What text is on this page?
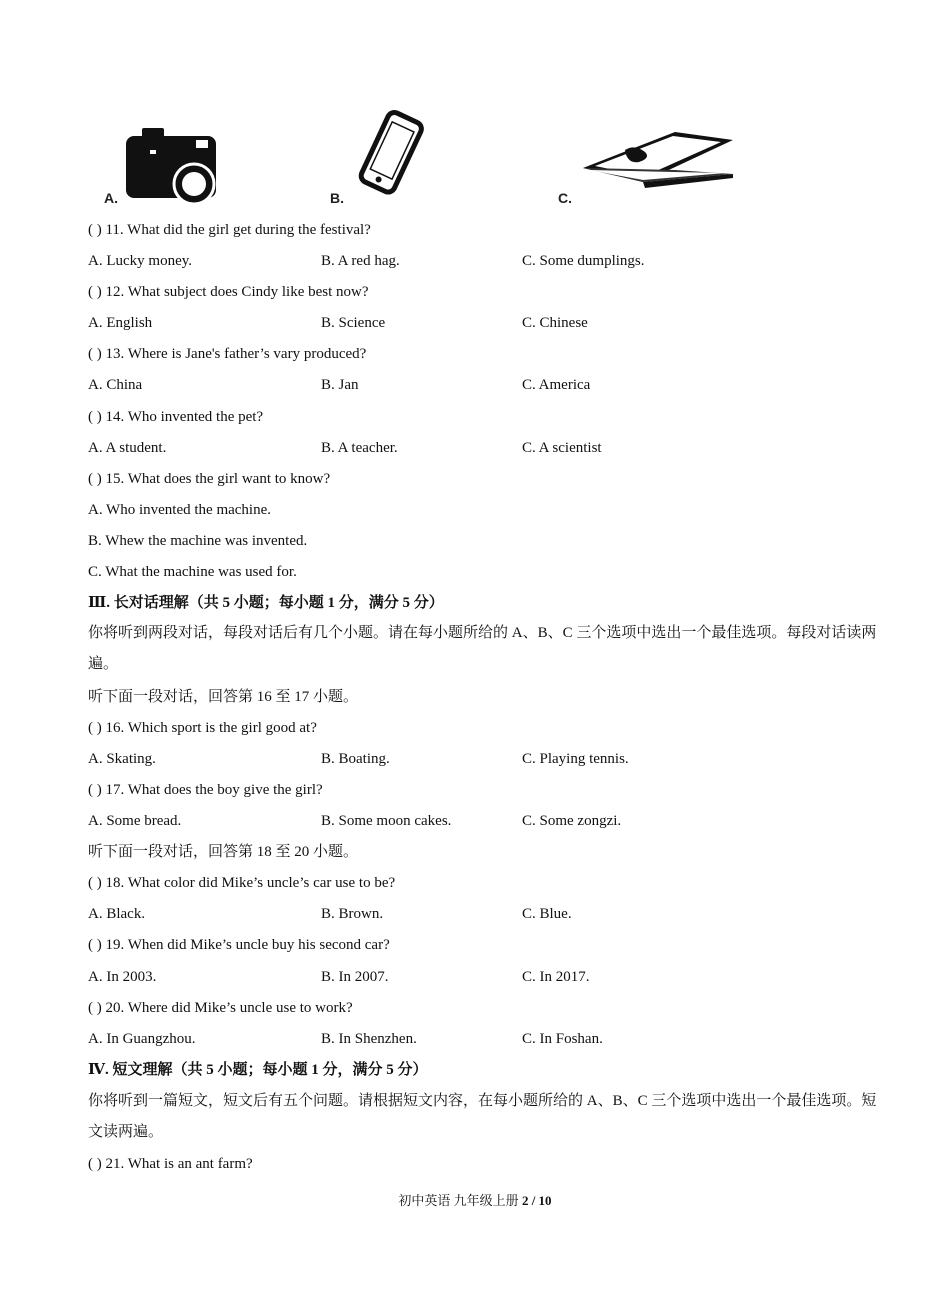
A.	B.	C.
( ) 11. What did the girl get during the festival?
A. Lucky money.	B. A red hag.	C. Some dumplings.
( ) 12. What subject does Cindy like best now?
A. English	B. Science	C. Chinese
( ) 13. Where is Jane's father’s vary produced?
A. China	B. Jan	C. America
( ) 14. Who invented the pet?
A. A student.	B. A teacher.	C. A scientist
( ) 15. What does the girl want to know?
A. Who invented the machine.
B. Whew the machine was invented.
C. What the machine was used for.
Ⅲ. 长对话理解（共 5 小题；每小题 1 分，满分 5 分）
你将听到两段对话，每段对话后有几个小题。请在每小题所给的 A、B、C 三个选项中选出一个最佳选项。每段对话读两遍。
听下面一段对话，回答第 16 至 17 小题。
( ) 16. Which sport is the girl good at?
A. Skating.	B. Boating.	C. Playing tennis.
( ) 17. What does the boy give the girl?
A. Some bread.	B. Some moon cakes.	C. Some zongzi.
听下面一段对话，回答第 18 至 20 小题。
( ) 18. What color did Mike’s uncle’s car use to be?
A. Black.	B. Brown.	C. Blue.
( ) 19. When did Mike’s uncle buy his second car?
A. In 2003.	B. In 2007.	C. In 2017.
( ) 20. Where did Mike’s uncle use to work?
A. In Guangzhou.	B. In Shenzhen.	C. In Foshan.
Ⅳ. 短文理解（共 5 小题；每小题 1 分，满分 5 分）
你将听到一篇短文，短文后有五个问题。请根据短文内容，在每小题所给的 A、B、C 三个选项中选出一个最佳选项。短文读两遍。
( ) 21. What is an ant farm?
初中英语 九年级上册 2 / 10
